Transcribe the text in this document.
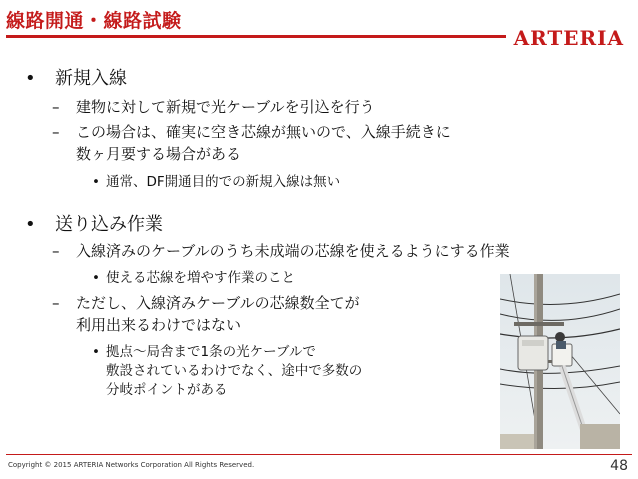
線路開通・線路試験
ARTERIA
• 新規入線
– 建物に対して新規で光ケーブルを引込を行う
– この場合は、確実に空き芯線が無いので、入線手続きに
数ヶ月要する場合がある
• 通常、DF開通目的での新規入線は無い
• 送り込み作業
– 入線済みのケーブルのうち未成端の芯線を使えるようにする作業
• 使える芯線を増やす作業のこと
– ただし、入線済みケーブルの芯線数全てが
利用出来るわけではない
• 拠点～局舎まで1条の光ケーブルで
敷設されているわけでなく、途中で多数の
分岐ポイントがある
Copyright © 2015 ARTERIA Networks Corporation All Rights Reserved.	48
